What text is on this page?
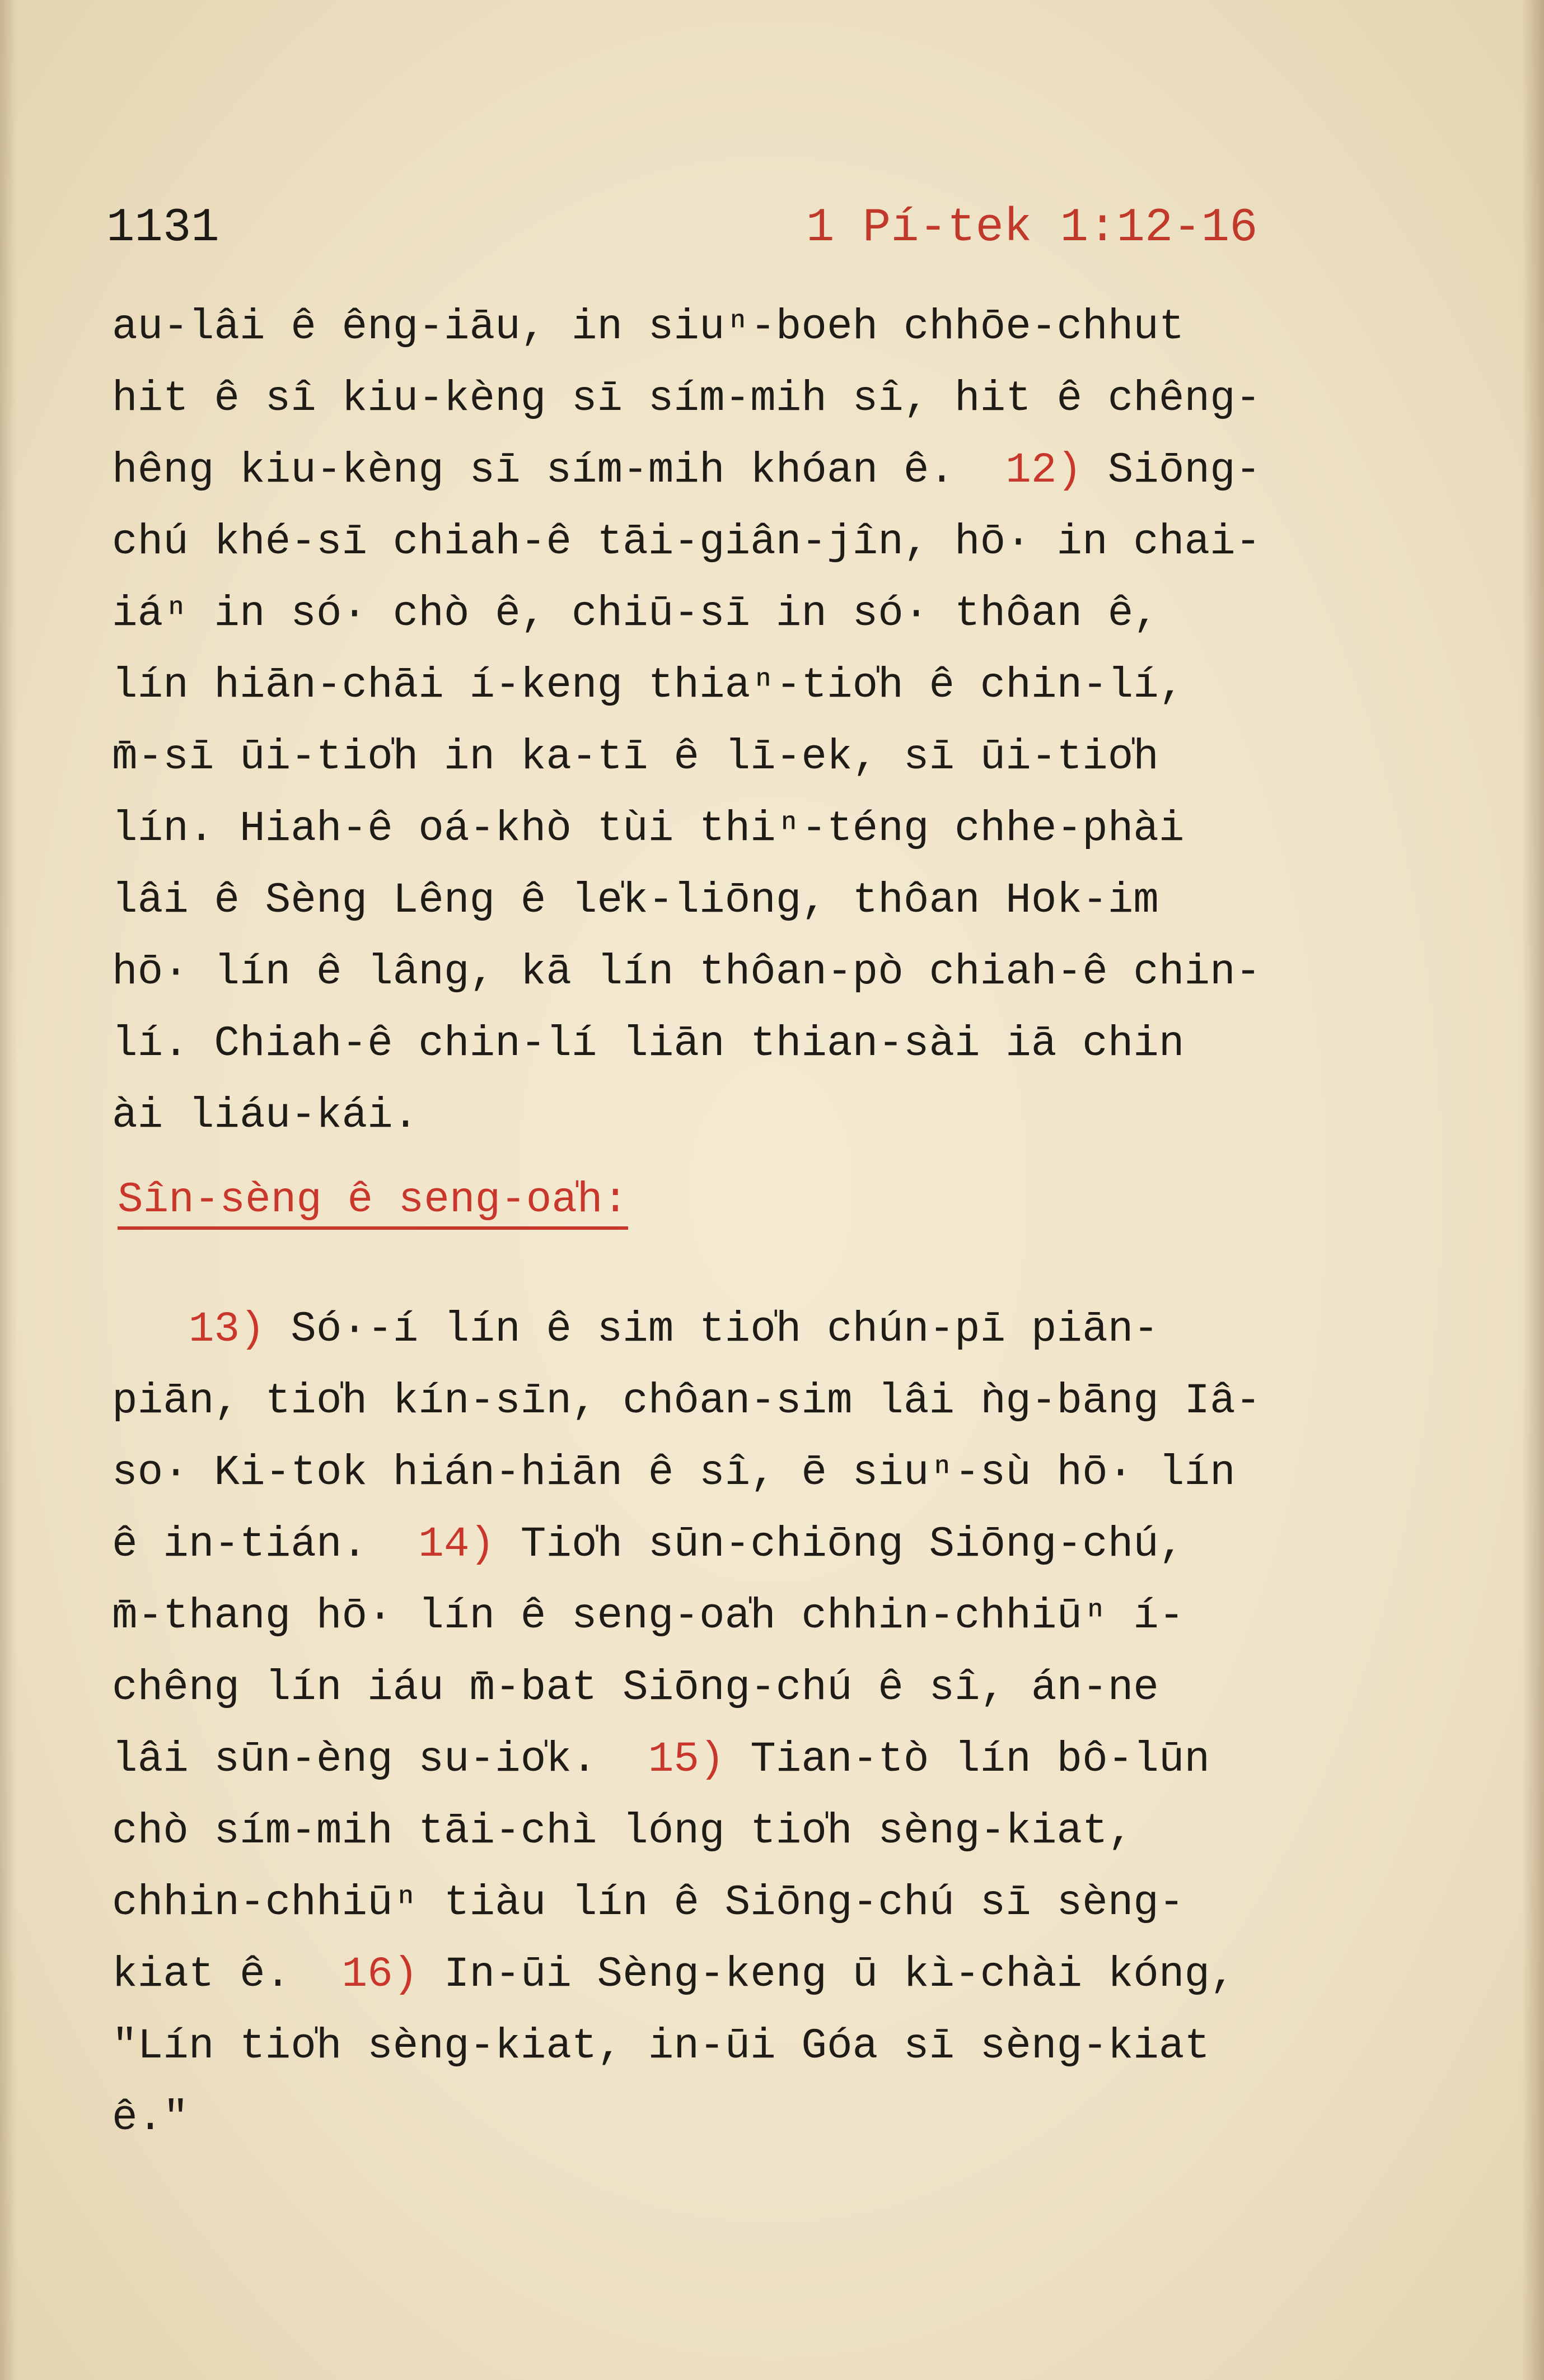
1131	1 Pí-tek 1:12-16
au-lâi ê êng-iāu, in siuⁿ-boeh chhōe-chhut
hit ê sî kiu-kèng sī sím-mih sî, hit ê chêng-
hêng kiu-kèng sī sím-mih khóan ê.  12) Siōng-
chú khé-sī chiah-ê tāi-giân-jîn, hō· in chai-
iáⁿ in só· chò ê, chiū-sī in só· thôan ê,
lín hiān-chāi í-keng thiaⁿ-tio̍h ê chin-lí,
m̄-sī ūi-tio̍h in ka-tī ê lī-ek, sī ūi-tio̍h
lín. Hiah-ê oá-khò tùi thiⁿ-téng chhe-phài
lâi ê Sèng Lêng ê le̍k-liōng, thôan Hok-im
hō· lín ê lâng, kā lín thôan-pò chiah-ê chin-
lí. Chiah-ê chin-lí liān thian-sài iā chin
ài liáu-kái.
Sîn-sèng ê seng-oa̍h:
13) Só·-í lín ê sim tio̍h chún-pī piān-
piān, tio̍h kín-sīn, chôan-sim lâi ǹg-bāng Iâ-
so· Ki-tok hián-hiān ê sî, ē siuⁿ-sù hō· lín
ê in-tián.  14) Tio̍h sūn-chiōng Siōng-chú,
m̄-thang hō· lín ê seng-oa̍h chhin-chhiūⁿ í-
chêng lín iáu m̄-bat Siōng-chú ê sî, án-ne
lâi sūn-èng su-io̍k.  15) Tian-tò lín bô-lūn
chò sím-mih tāi-chì lóng tio̍h sèng-kiat,
chhin-chhiūⁿ tiàu lín ê Siōng-chú sī sèng-
kiat ê.  16) In-ūi Sèng-keng ū kì-chài kóng,
"Lín tio̍h sèng-kiat, in-ūi Góa sī sèng-kiat
ê."
